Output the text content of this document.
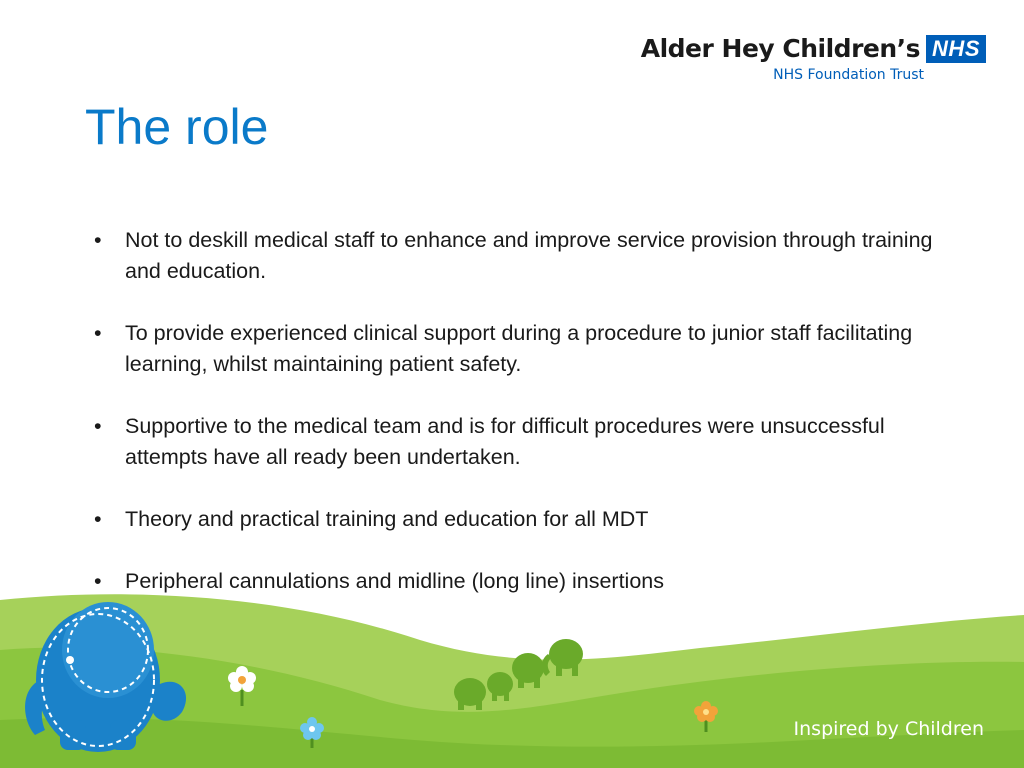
Alder Hey Children’s NHS
NHS Foundation Trust
The role
•	Not to deskill medical staff to enhance and improve service provision through training and education.
•	To provide experienced clinical support during a procedure to junior staff facilitating learning, whilst maintaining patient safety.
•	Supportive to the medical team and is for difficult procedures were unsuccessful attempts have all ready been undertaken.
•	Theory and practical training and education for all MDT
•	Peripheral cannulations and midline (long line) insertions
Inspired by Children
